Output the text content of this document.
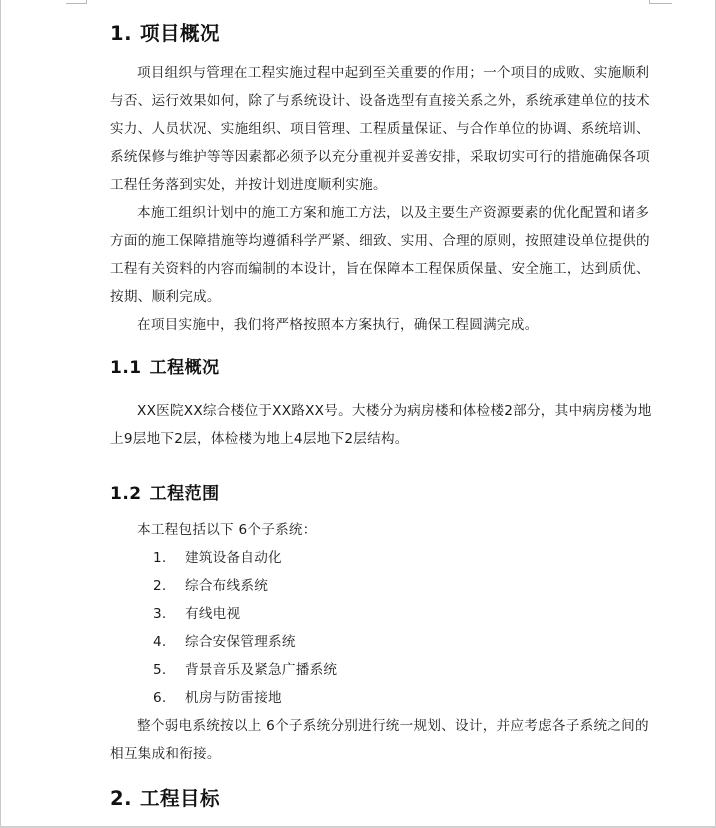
1. 项目概况

项目组织与管理在工程实施过程中起到至关重要的作用；一个项目的成败、实施顺利与否、运行效果如何，除了与系统设计、设备选型有直接关系之外，系统承建单位的技术实力、人员状况、实施组织、项目管理、工程质量保证、与合作单位的协调、系统培训、系统保修与维护等等因素都必须予以充分重视并妥善安排，采取切实可行的措施确保各项工程任务落到实处，并按计划进度顺利实施。

本施工组织计划中的施工方案和施工方法，以及主要生产资源要素的优化配置和诸多方面的施工保障措施等均遵循科学严紧、细致、实用、合理的原则，按照建设单位提供的工程有关资料的内容而编制的本设计，旨在保障本工程保质保量、安全施工，达到质优、按期、顺利完成。

在项目实施中，我们将严格按照本方案执行，确保工程圆满完成。

1.1 工程概况

XX医院XX综合楼位于XX路XX号。大楼分为病房楼和体检楼2部分，其中病房楼为地上9层地下2层，体检楼为地上4层地下2层结构。

1.2 工程范围

本工程包括以下 6个子系统：

1. 建筑设备自动化
2. 综合布线系统
3. 有线电视
4. 综合安保管理系统
5. 背景音乐及紧急广播系统
6. 机房与防雷接地

整个弱电系统按以上 6个子系统分别进行统一规划、设计，并应考虑各子系统之间的相互集成和衔接。

2. 工程目标
